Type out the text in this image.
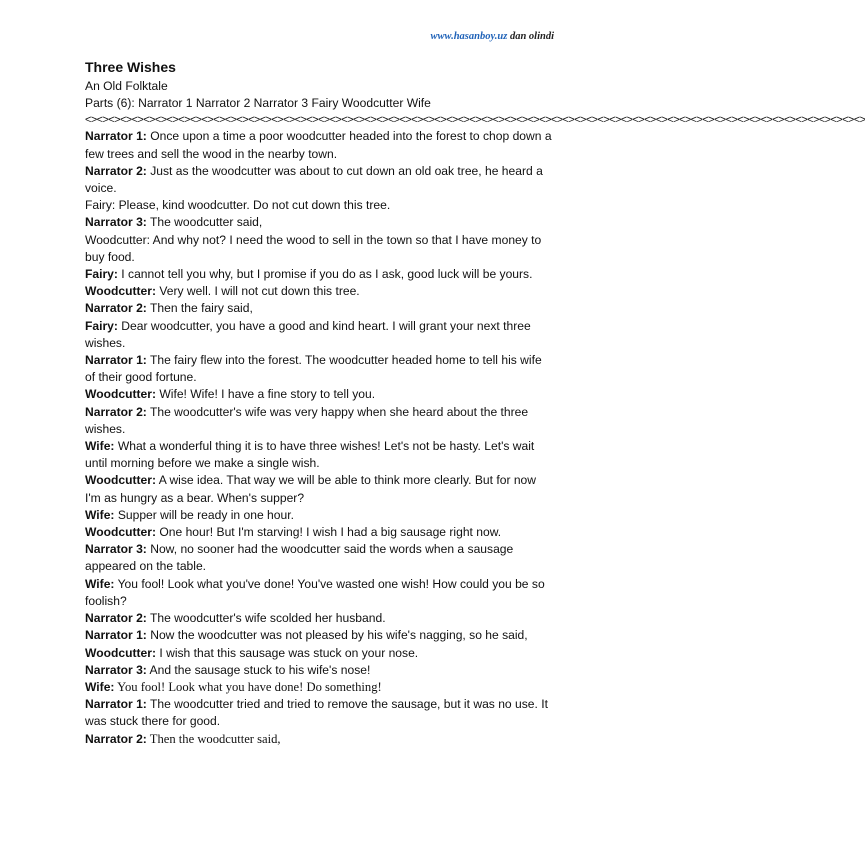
www.hasanboy.uz dan olindi
Three Wishes
An Old Folktale
Parts (6): Narrator 1 Narrator 2 Narrator 3 Fairy Woodcutter Wife
<><><><><><><><><><><><><><><><><><><><><><><><><><><><><><><><><><><><><><><><><><><><><><><><><><><><><><><><><><><><><><><><><><><>
Narrator 1: Once upon a time a poor woodcutter headed into the forest to chop down a few trees and sell the wood in the nearby town.
Narrator 2: Just as the woodcutter was about to cut down an old oak tree, he heard a voice.
Fairy: Please, kind woodcutter. Do not cut down this tree.
Narrator 3: The woodcutter said,
Woodcutter: And why not? I need the wood to sell in the town so that I have money to buy food.
Fairy: I cannot tell you why, but I promise if you do as I ask, good luck will be yours.
Woodcutter: Very well. I will not cut down this tree.
Narrator 2: Then the fairy said,
Fairy: Dear woodcutter, you have a good and kind heart. I will grant your next three wishes.
Narrator 1: The fairy flew into the forest. The woodcutter headed home to tell his wife of their good fortune.
Woodcutter: Wife! Wife! I have a fine story to tell you.
Narrator 2: The woodcutter's wife was very happy when she heard about the three wishes.
Wife: What a wonderful thing it is to have three wishes! Let's not be hasty. Let's wait until morning before we make a single wish.
Woodcutter: A wise idea. That way we will be able to think more clearly. But for now I'm as hungry as a bear. When's supper?
Wife: Supper will be ready in one hour.
Woodcutter: One hour! But I'm starving! I wish I had a big sausage right now.
Narrator 3: Now, no sooner had the woodcutter said the words when a sausage appeared on the table.
Wife: You fool! Look what you've done! You've wasted one wish! How could you be so foolish?
Narrator 2: The woodcutter's wife scolded her husband.
Narrator 1: Now the woodcutter was not pleased by his wife's nagging, so he said,
Woodcutter: I wish that this sausage was stuck on your nose.
Narrator 3: And the sausage stuck to his wife's nose!
Wife: You fool! Look what you have done! Do something!
Narrator 1: The woodcutter tried and tried to remove the sausage, but it was no use. It was stuck there for good.
Narrator 2: Then the woodcutter said,
